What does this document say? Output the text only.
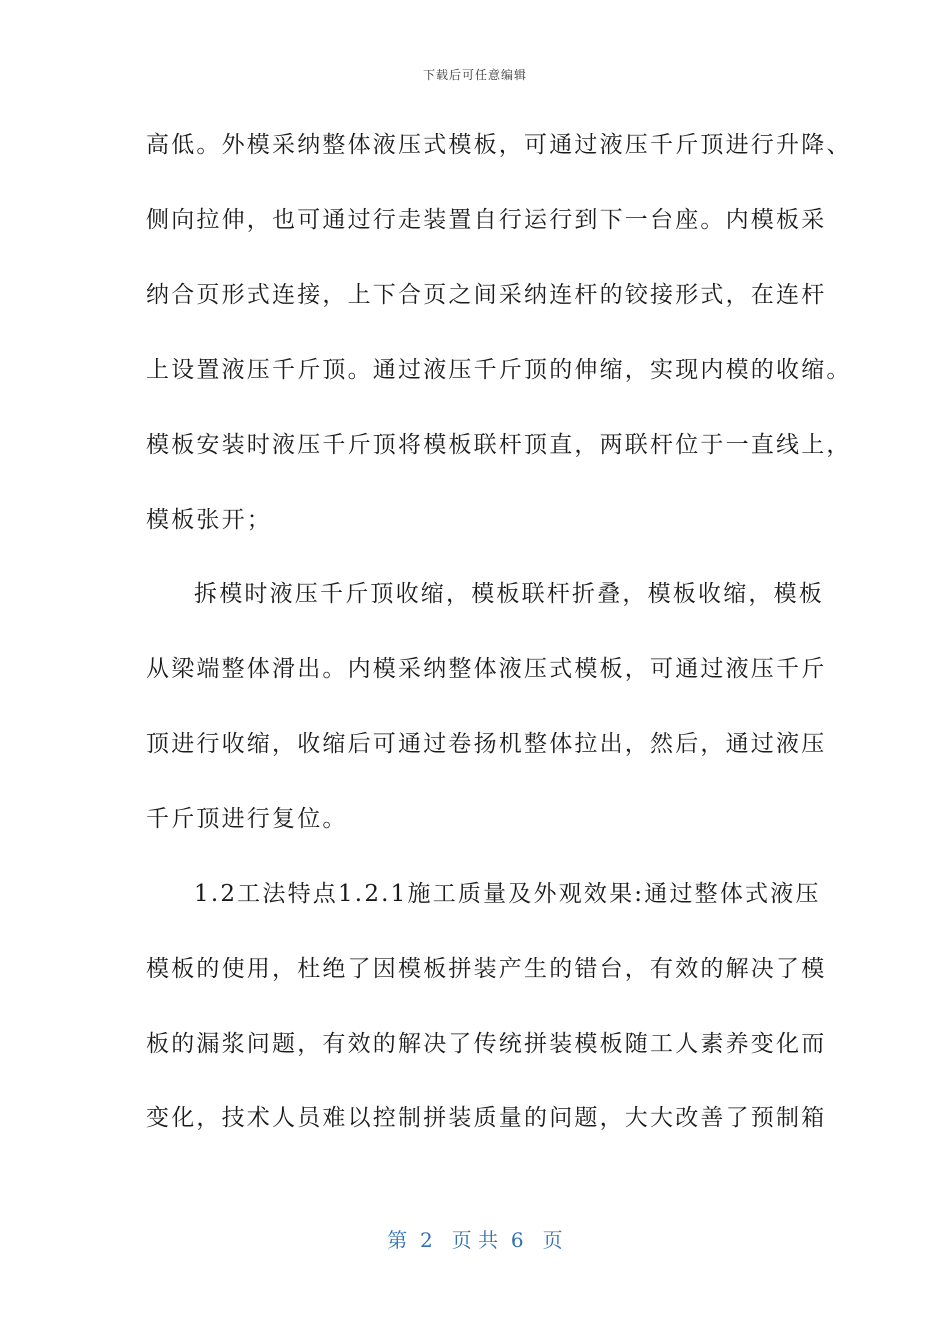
下载后可任意编辑
高低。外模采纳整体液压式模板，可通过液压千斤顶进行升降、
侧向拉伸，也可通过行走装置自行运行到下一台座。内模板采
纳合页形式连接，上下合页之间采纳连杆的铰接形式，在连杆
上设置液压千斤顶。通过液压千斤顶的伸缩，实现内模的收缩。
模板安装时液压千斤顶将模板联杆顶直，两联杆位于一直线上，
模板张开；
拆模时液压千斤顶收缩，模板联杆折叠，模板收缩，模板
从梁端整体滑出。内模采纳整体液压式模板，可通过液压千斤
顶进行收缩，收缩后可通过卷扬机整体拉出，然后，通过液压
千斤顶进行复位。
1.2工法特点1.2.1施工质量及外观效果:通过整体式液压
模板的使用，杜绝了因模板拼装产生的错台，有效的解决了模
板的漏浆问题，有效的解决了传统拼装模板随工人素养变化而
变化，技术人员难以控制拼装质量的问题，大大改善了预制箱
第  2   页 共  6   页
